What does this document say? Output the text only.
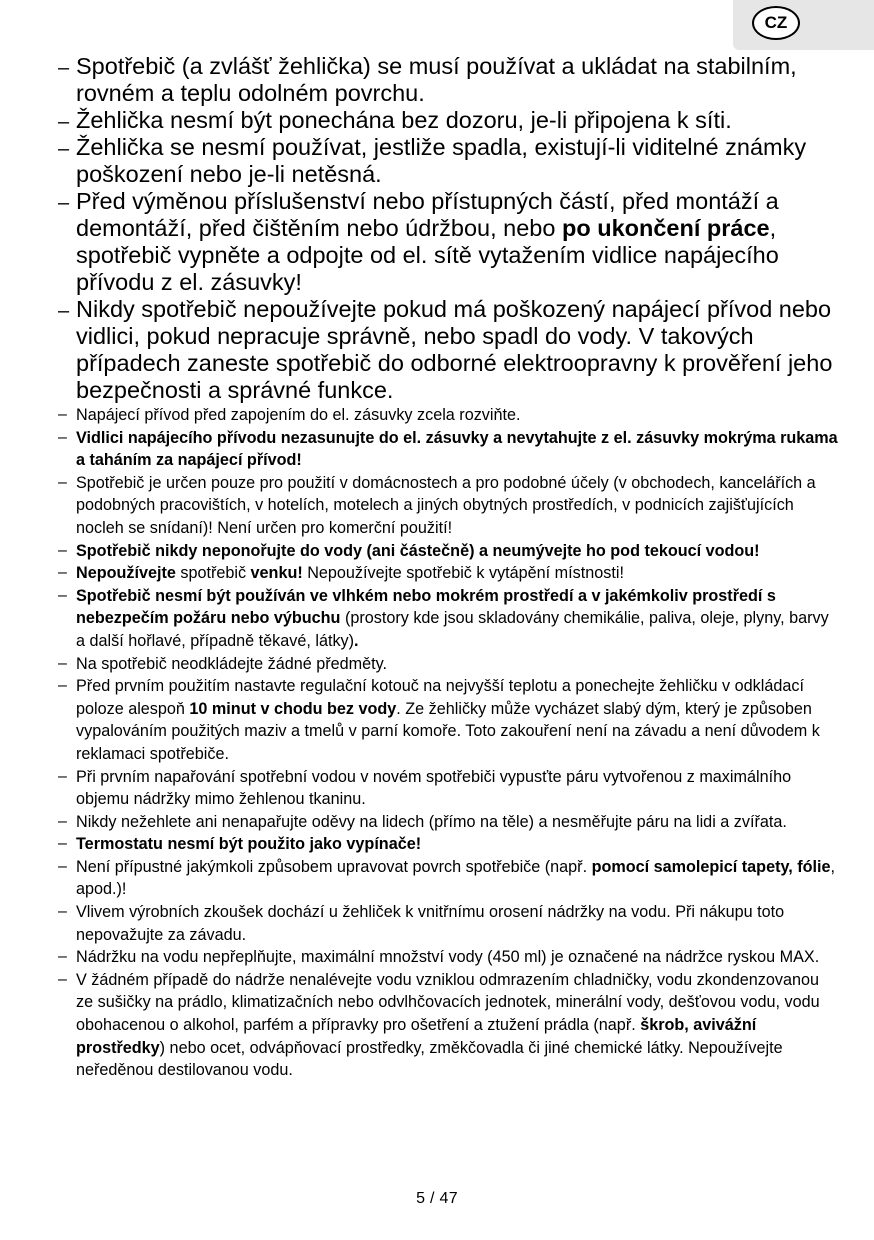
CZ
– Spotřebič (a zvlášť žehlička) se musí používat a ukládat na stabilním, rovném a teplu odolném povrchu.
– Žehlička nesmí být ponechána bez dozoru, je-li připojena k síti.
– Žehlička se nesmí používat, jestliže spadla, existují-li viditelné známky poškození nebo je-li netěsná.
– Před výměnou příslušenství nebo přístupných částí, před montáží a demontáží, před čištěním nebo údržbou, nebo po ukončení práce, spotřebič vypněte a odpojte od el. sítě vytažením vidlice napájecího přívodu z el. zásuvky!
– Nikdy spotřebič nepoužívejte pokud má poškozený napájecí přívod nebo vidlici, pokud nepracuje správně, nebo spadl do vody. V takových případech zaneste spotřebič do odborné elektroopravny k prověření jeho bezpečnosti a správné funkce.
– Napájecí přívod před zapojením do el. zásuvky zcela rozviňte.
– Vidlici napájecího přívodu nezasunujte do el. zásuvky a nevytahujte z el. zásuvky mokrýma rukama a taháním za napájecí přívod!
– Spotřebič je určen pouze pro použití v domácnostech a pro podobné účely (v obchodech, kancelářích a podobných pracovištích, v hotelích, motelech a jiných obytných prostředích, v podnicích zajišťujících nocleh se snídaní)! Není určen pro komerční použití!
– Spotřebič nikdy neponořujte do vody (ani částečně) a neumývejte ho pod tekoucí vodou!
– Nepoužívejte spotřebič venku! Nepoužívejte spotřebič k vytápění místnosti!
– Spotřebič nesmí být používán ve vlhkém nebo mokrém prostředí a v jakémkoliv prostředí s nebezpečím požáru nebo výbuchu (prostory kde jsou skladovány chemikálie, paliva, oleje, plyny, barvy a další hořlavé, případně těkavé, látky).
– Na spotřebič neodkládejte žádné předměty.
– Před prvním použitím nastavte regulační kotouč na nejvyšší teplotu a ponechejte žehličku v odkládací poloze alespoň 10 minut v chodu bez vody. Ze žehličky může vycházet slabý dým, který je způsoben vypalováním použitých maziv a tmelů v parní komoře. Toto zakouření není na závadu a není důvodem k reklamaci spotřebiče.
– Při prvním napařování spotřební vodou v novém spotřebiči vypusťte páru vytvořenou z maximálního objemu nádržky mimo žehlenou tkaninu.
– Nikdy nežehlete ani nenapařujte oděvy na lidech (přímo na těle) a nesměřujte páru na lidi a zvířata.
– Termostatu nesmí být použito jako vypínače!
– Není přípustné jakýmkoli způsobem upravovat povrch spotřebiče (např. pomocí samolepicí tapety, fólie, apod.)!
– Vlivem výrobních zkoušek dochází u žehliček k vnitřnímu orosení nádržky na vodu. Při nákupu toto nepovažujte za závadu.
– Nádržku na vodu nepřeplňujte, maximální množství vody (450 ml) je označené na nádržce ryskou MAX.
– V žádném případě do nádrže nenalévejte vodu vzniklou odmrazením chladničky, vodu zkondenzovanou ze sušičky na prádlo, klimatizačních nebo odvlhčovacích jednotek, minerální vody, dešťovou vodu, vodu obohacenou o alkohol, parfém a přípravky pro ošetření a ztužení prádla (např. škrob, avivážní prostředky) nebo ocet, odvápňovací prostředky, změkčovadla či jiné chemické látky. Nepoužívejte neředěnou destilovanou vodu.
5 / 47
